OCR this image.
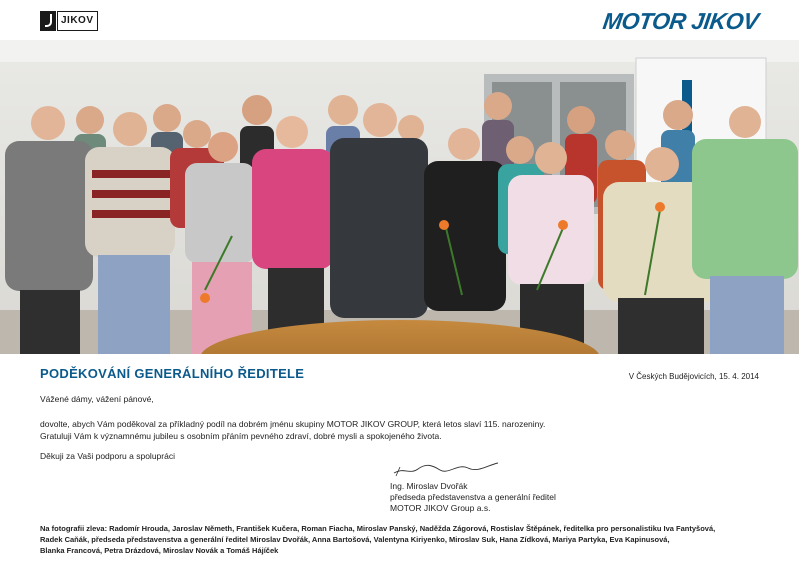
JIKOV	MOTOR JIKOV
PODĚKOVÁNÍ GENERÁLNÍHO ŘEDITELE	V Českých Budějovicích, 15. 4. 2014
Vážené dámy, vážení pánové,
dovolte, abych Vám poděkoval za příkladný podíl na dobrém jménu skupiny MOTOR JIKOV GROUP, která letos slaví 115. narozeniny.
Gratuluji Vám k významnému jubileu s osobním přáním pevného zdraví, dobré mysli a spokojeného života.
Děkuji za Vaši podporu a spolupráci
Ing. Miroslav Dvořák
předseda představenstva a generální ředitel
MOTOR JIKOV Group a.s.
Na fotografii zleva: Radomír Hrouda, Jaroslav Němeth, František Kučera, Roman Fiacha, Miroslav Panský, Naděžda Zágorová, Rostislav Štěpánek, ředitelka pro personalistiku Iva Fantyšová,
Radek Caňák, předseda představenstva a generální ředitel Miroslav Dvořák, Anna Bartošová, Valentyna Kiriyenko, Miroslav Suk, Hana Zídková, Mariya Partyka, Eva Kapinusová,
Blanka Francová, Petra Drázdová, Miroslav Novák a Tomáš Hájíček
